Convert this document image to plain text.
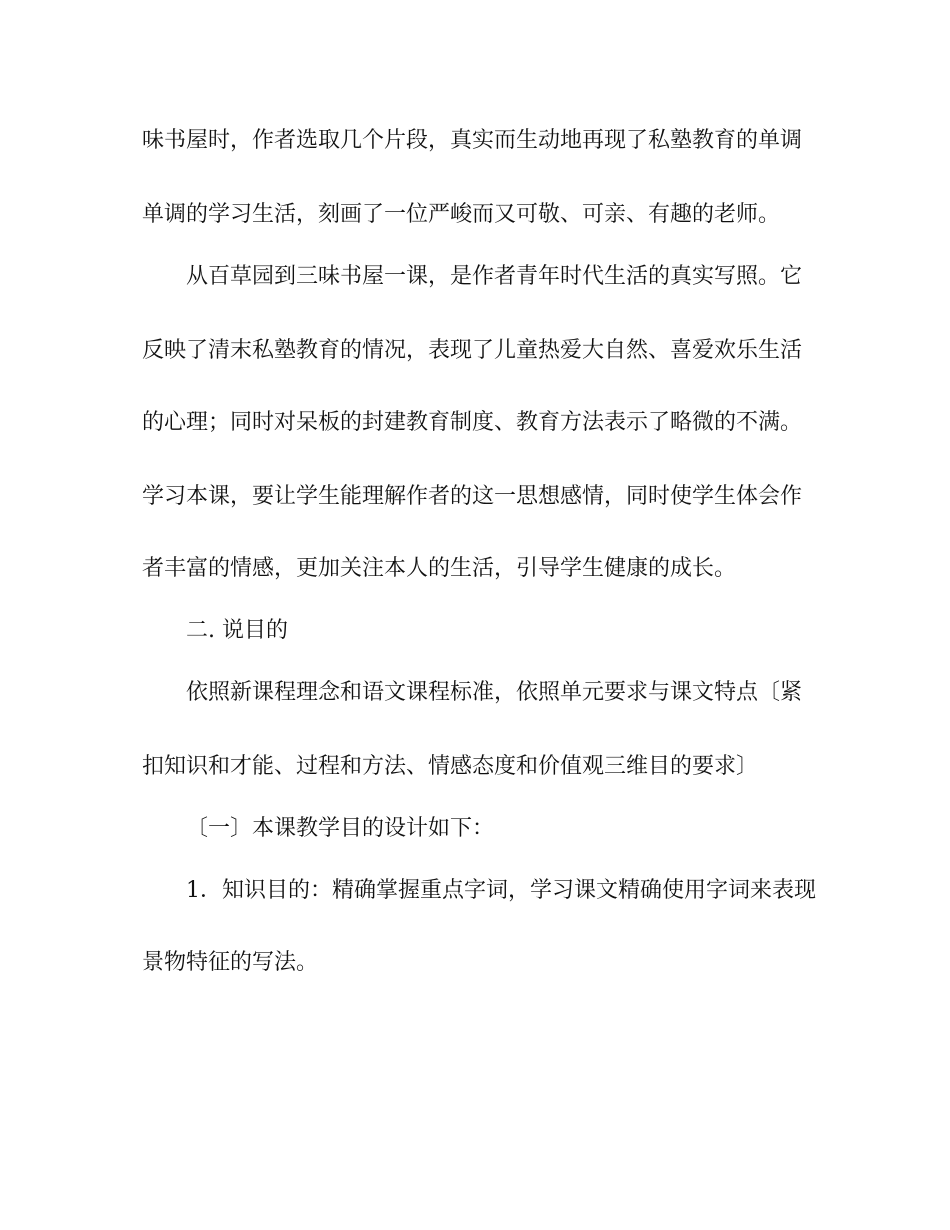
味书屋时，作者选取几个片段，真实而生动地再现了私塾教育的单调

单调的学习生活，刻画了一位严峻而又可敬、可亲、有趣的老师。

从百草园到三味书屋一课，是作者青年时代生活的真实写照。它

反映了清末私塾教育的情况，表现了儿童热爱大自然、喜爱欢乐生活

的心理；同时对呆板的封建教育制度、教育方法表示了略微的不满。

学习本课，要让学生能理解作者的这一思想感情，同时使学生体会作

者丰富的情感，更加关注本人的生活，引导学生健康的成长。

二. 说目的

依照新课程理念和语文课程标准，依照单元要求与课文特点〔紧

扣知识和才能、过程和方法、情感态度和价值观三维目的要求〕

〔一〕本课教学目的设计如下：

1．知识目的：精确掌握重点字词，学习课文精确使用字词来表现

景物特征的写法。
